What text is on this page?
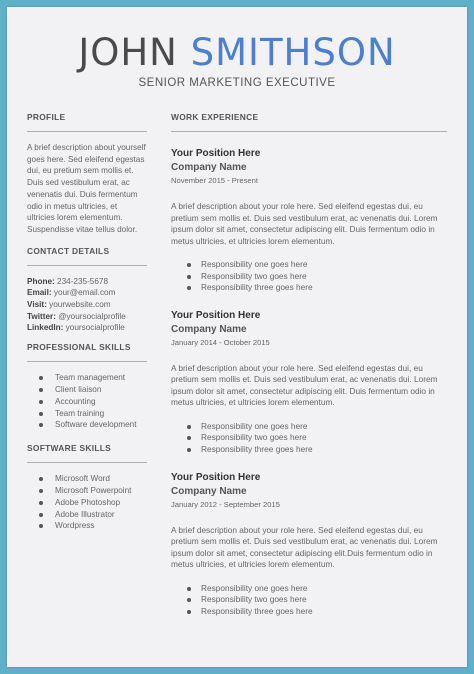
JOHN SMITHSON
SENIOR MARKETING EXECUTIVE
PROFILE
A brief description about yourself goes here. Sed eleifend egestas dui, eu pretium sem mollis et. Duis sed vestibulum erat, ac venenatis dui. Duis fermentum odio in metus ultricies, et ultricies lorem elementum. Suspendisse vitae tellus dolor.
CONTACT DETAILS
Phone: 234-235-5678
Email: your@email.com
Visit: yourwebsite.com
Twitter: @yoursocialprofile
LinkedIn: yoursocialprofile
PROFESSIONAL SKILLS
Team management
Client liaison
Accounting
Team training
Software development
SOFTWARE SKILLS
Microsoft Word
Microsoft Powerpoint
Adobe Photoshop
Adobe Illustrator
Wordpress
WORK EXPERIENCE
Your Position Here
Company Name
November 2015 - Present
A brief description about your role here. Sed eleifend egestas dui, eu pretium sem mollis et. Duis sed vestibulum erat, ac venenatis dui. Lorem ipsum dolor sit amet, consectetur adipiscing elit. Duis fermentum odio in metus ultricies, et ultricies lorem elementum.
Responsibility one goes here
Responsibility two goes here
Responsibility three goes here
Your Position Here
Company Name
January 2014 - October 2015
A brief description about your role here. Sed eleifend egestas dui, eu pretium sem mollis et. Duis sed vestibulum erat, ac venenatis dui. Lorem ipsum dolor sit amet, consectetur adipiscing elit. Duis fermentum odio in metus ultricies, et ultricies lorem elementum.
Responsibility one goes here
Responsibility two goes here
Responsibility three goes here
Your Position Here
Company Name
January 2012 - September 2015
A brief description about your role here. Sed eleifend egestas dui, eu pretium sem mollis et. Duis sed vestibulum erat, ac venenatis dui. Lorem ipsum dolor sit amet, consectetur adipiscing elit.Duis fermentum odio in metus ultricies, et ultricies lorem elementum.
Responsibility one goes here
Responsibility two goes here
Responsibility three goes here
